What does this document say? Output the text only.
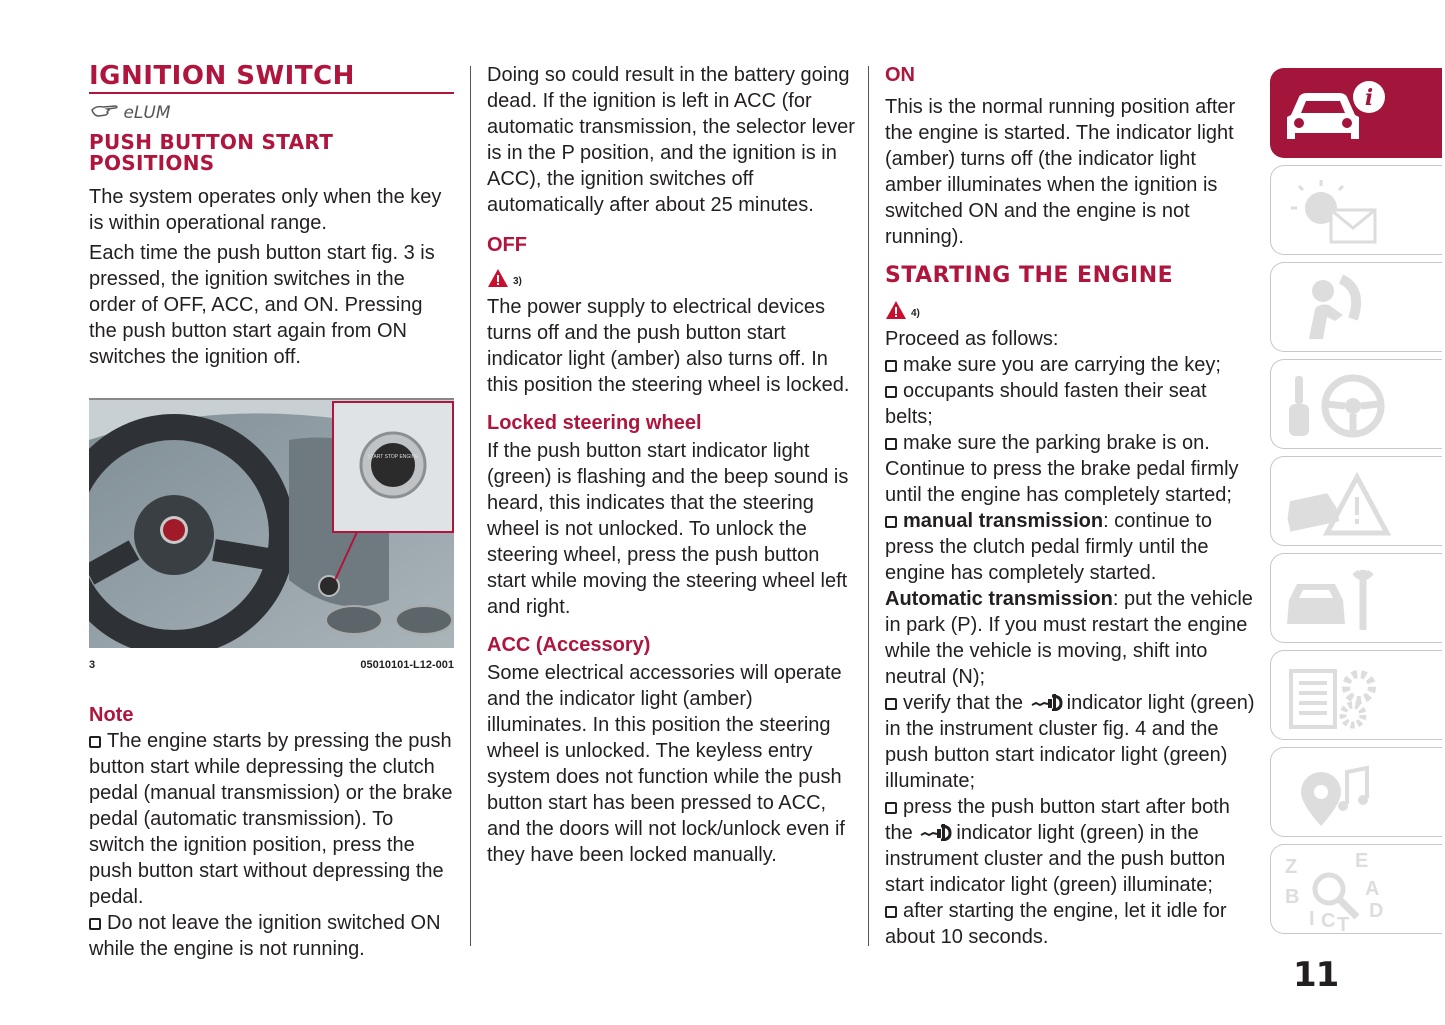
IGNITION SWITCH
eLUM
PUSH BUTTON START POSITIONS

The system operates only when the key is within operational range.

Each time the push button start fig. 3 is pressed, the ignition switches in the order of OFF, ACC, and ON. Pressing the push button start again from ON switches the ignition off.

START STOP ENGINE
3	05010101-L12-001
Note

The engine starts by pressing the push button start while depressing the clutch pedal (manual transmission) or the brake pedal (automatic transmission). To switch the ignition position, press the push button start without depressing the pedal.

Do not leave the ignition switched ON while the engine is not running.

Doing so could result in the battery going dead. If the ignition is left in ACC (for automatic transmission, the selector lever is in the P position, and the ignition is in ACC), the ignition switches off automatically after about 25 minutes.

OFF
3)

The power supply to electrical devices turns off and the push button start indicator light (amber) also turns off. In this position the steering wheel is locked.

Locked steering wheel

If the push button start indicator light (green) is flashing and the beep sound is heard, this indicates that the steering wheel is not unlocked. To unlock the steering wheel, press the push button start while moving the steering wheel left and right.

ACC (Accessory)

Some electrical accessories will operate and the indicator light (amber) illuminates. In this position the steering wheel is unlocked. The keyless entry system does not function while the push button start has been pressed to ACC, and the doors will not lock/unlock even if they have been locked manually.

ON

This is the normal running position after the engine is started. The indicator light (amber) turns off (the indicator light amber illuminates when the ignition is switched ON and the engine is not running).

STARTING THE ENGINE
4)

Proceed as follows:

make sure you are carrying the key;

occupants should fasten their seat belts;

make sure the parking brake is on. Continue to press the brake pedal firmly until the engine has completely started;

manual transmission: continue to press the clutch pedal firmly until the engine has completely started.

Automatic transmission: put the vehicle in park (P). If you must restart the engine while the vehicle is moving, shift into neutral (N);

verify that the indicator light (green) in the instrument cluster fig. 4 and the push button start indicator light (green) illuminate;

press the push button start after both the indicator light (green) in the instrument cluster and the push button start indicator light (green) illuminate;

after starting the engine, let it idle for about 10 seconds.

i
Z	E
B	A
I C T
D
11
